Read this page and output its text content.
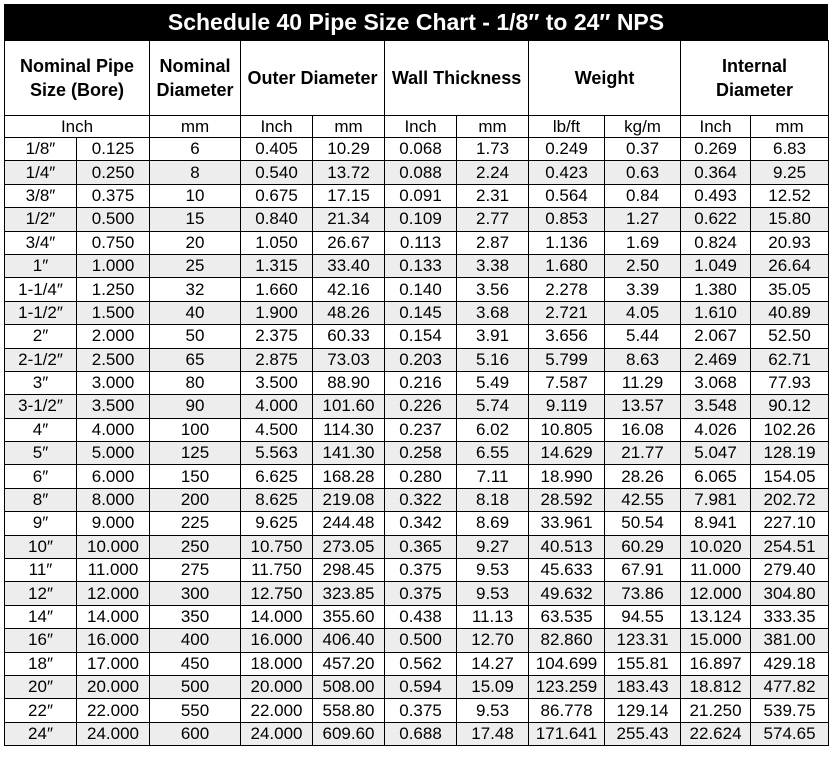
Schedule 40 Pipe Size Chart - 1/8″ to 24″ NPS
Nominal Pipe Size (Bore)		Nominal Diameter	Outer Diameter		Wall Thickness		Weight		Internal Diameter	
Inch		mm	Inch	mm	Inch	mm	lb/ft	kg/m	Inch	mm
1/8″	0.125	6	0.405	10.29	0.068	1.73	0.249	0.37	0.269	6.83
1/4″	0.250	8	0.540	13.72	0.088	2.24	0.423	0.63	0.364	9.25
3/8″	0.375	10	0.675	17.15	0.091	2.31	0.564	0.84	0.493	12.52
1/2″	0.500	15	0.840	21.34	0.109	2.77	0.853	1.27	0.622	15.80
3/4″	0.750	20	1.050	26.67	0.113	2.87	1.136	1.69	0.824	20.93
1″	1.000	25	1.315	33.40	0.133	3.38	1.680	2.50	1.049	26.64
1-1/4″	1.250	32	1.660	42.16	0.140	3.56	2.278	3.39	1.380	35.05
1-1/2″	1.500	40	1.900	48.26	0.145	3.68	2.721	4.05	1.610	40.89
2″	2.000	50	2.375	60.33	0.154	3.91	3.656	5.44	2.067	52.50
2-1/2″	2.500	65	2.875	73.03	0.203	5.16	5.799	8.63	2.469	62.71
3″	3.000	80	3.500	88.90	0.216	5.49	7.587	11.29	3.068	77.93
3-1/2″	3.500	90	4.000	101.60	0.226	5.74	9.119	13.57	3.548	90.12
4″	4.000	100	4.500	114.30	0.237	6.02	10.805	16.08	4.026	102.26
5″	5.000	125	5.563	141.30	0.258	6.55	14.629	21.77	5.047	128.19
6″	6.000	150	6.625	168.28	0.280	7.11	18.990	28.26	6.065	154.05
8″	8.000	200	8.625	219.08	0.322	8.18	28.592	42.55	7.981	202.72
9″	9.000	225	9.625	244.48	0.342	8.69	33.961	50.54	8.941	227.10
10″	10.000	250	10.750	273.05	0.365	9.27	40.513	60.29	10.020	254.51
11″	11.000	275	11.750	298.45	0.375	9.53	45.633	67.91	11.000	279.40
12″	12.000	300	12.750	323.85	0.375	9.53	49.632	73.86	12.000	304.80
14″	14.000	350	14.000	355.60	0.438	11.13	63.535	94.55	13.124	333.35
16″	16.000	400	16.000	406.40	0.500	12.70	82.860	123.31	15.000	381.00
18″	17.000	450	18.000	457.20	0.562	14.27	104.699	155.81	16.897	429.18
20″	20.000	500	20.000	508.00	0.594	15.09	123.259	183.43	18.812	477.82
22″	22.000	550	22.000	558.80	0.375	9.53	86.778	129.14	21.250	539.75
24″	24.000	600	24.000	609.60	0.688	17.48	171.641	255.43	22.624	574.65
